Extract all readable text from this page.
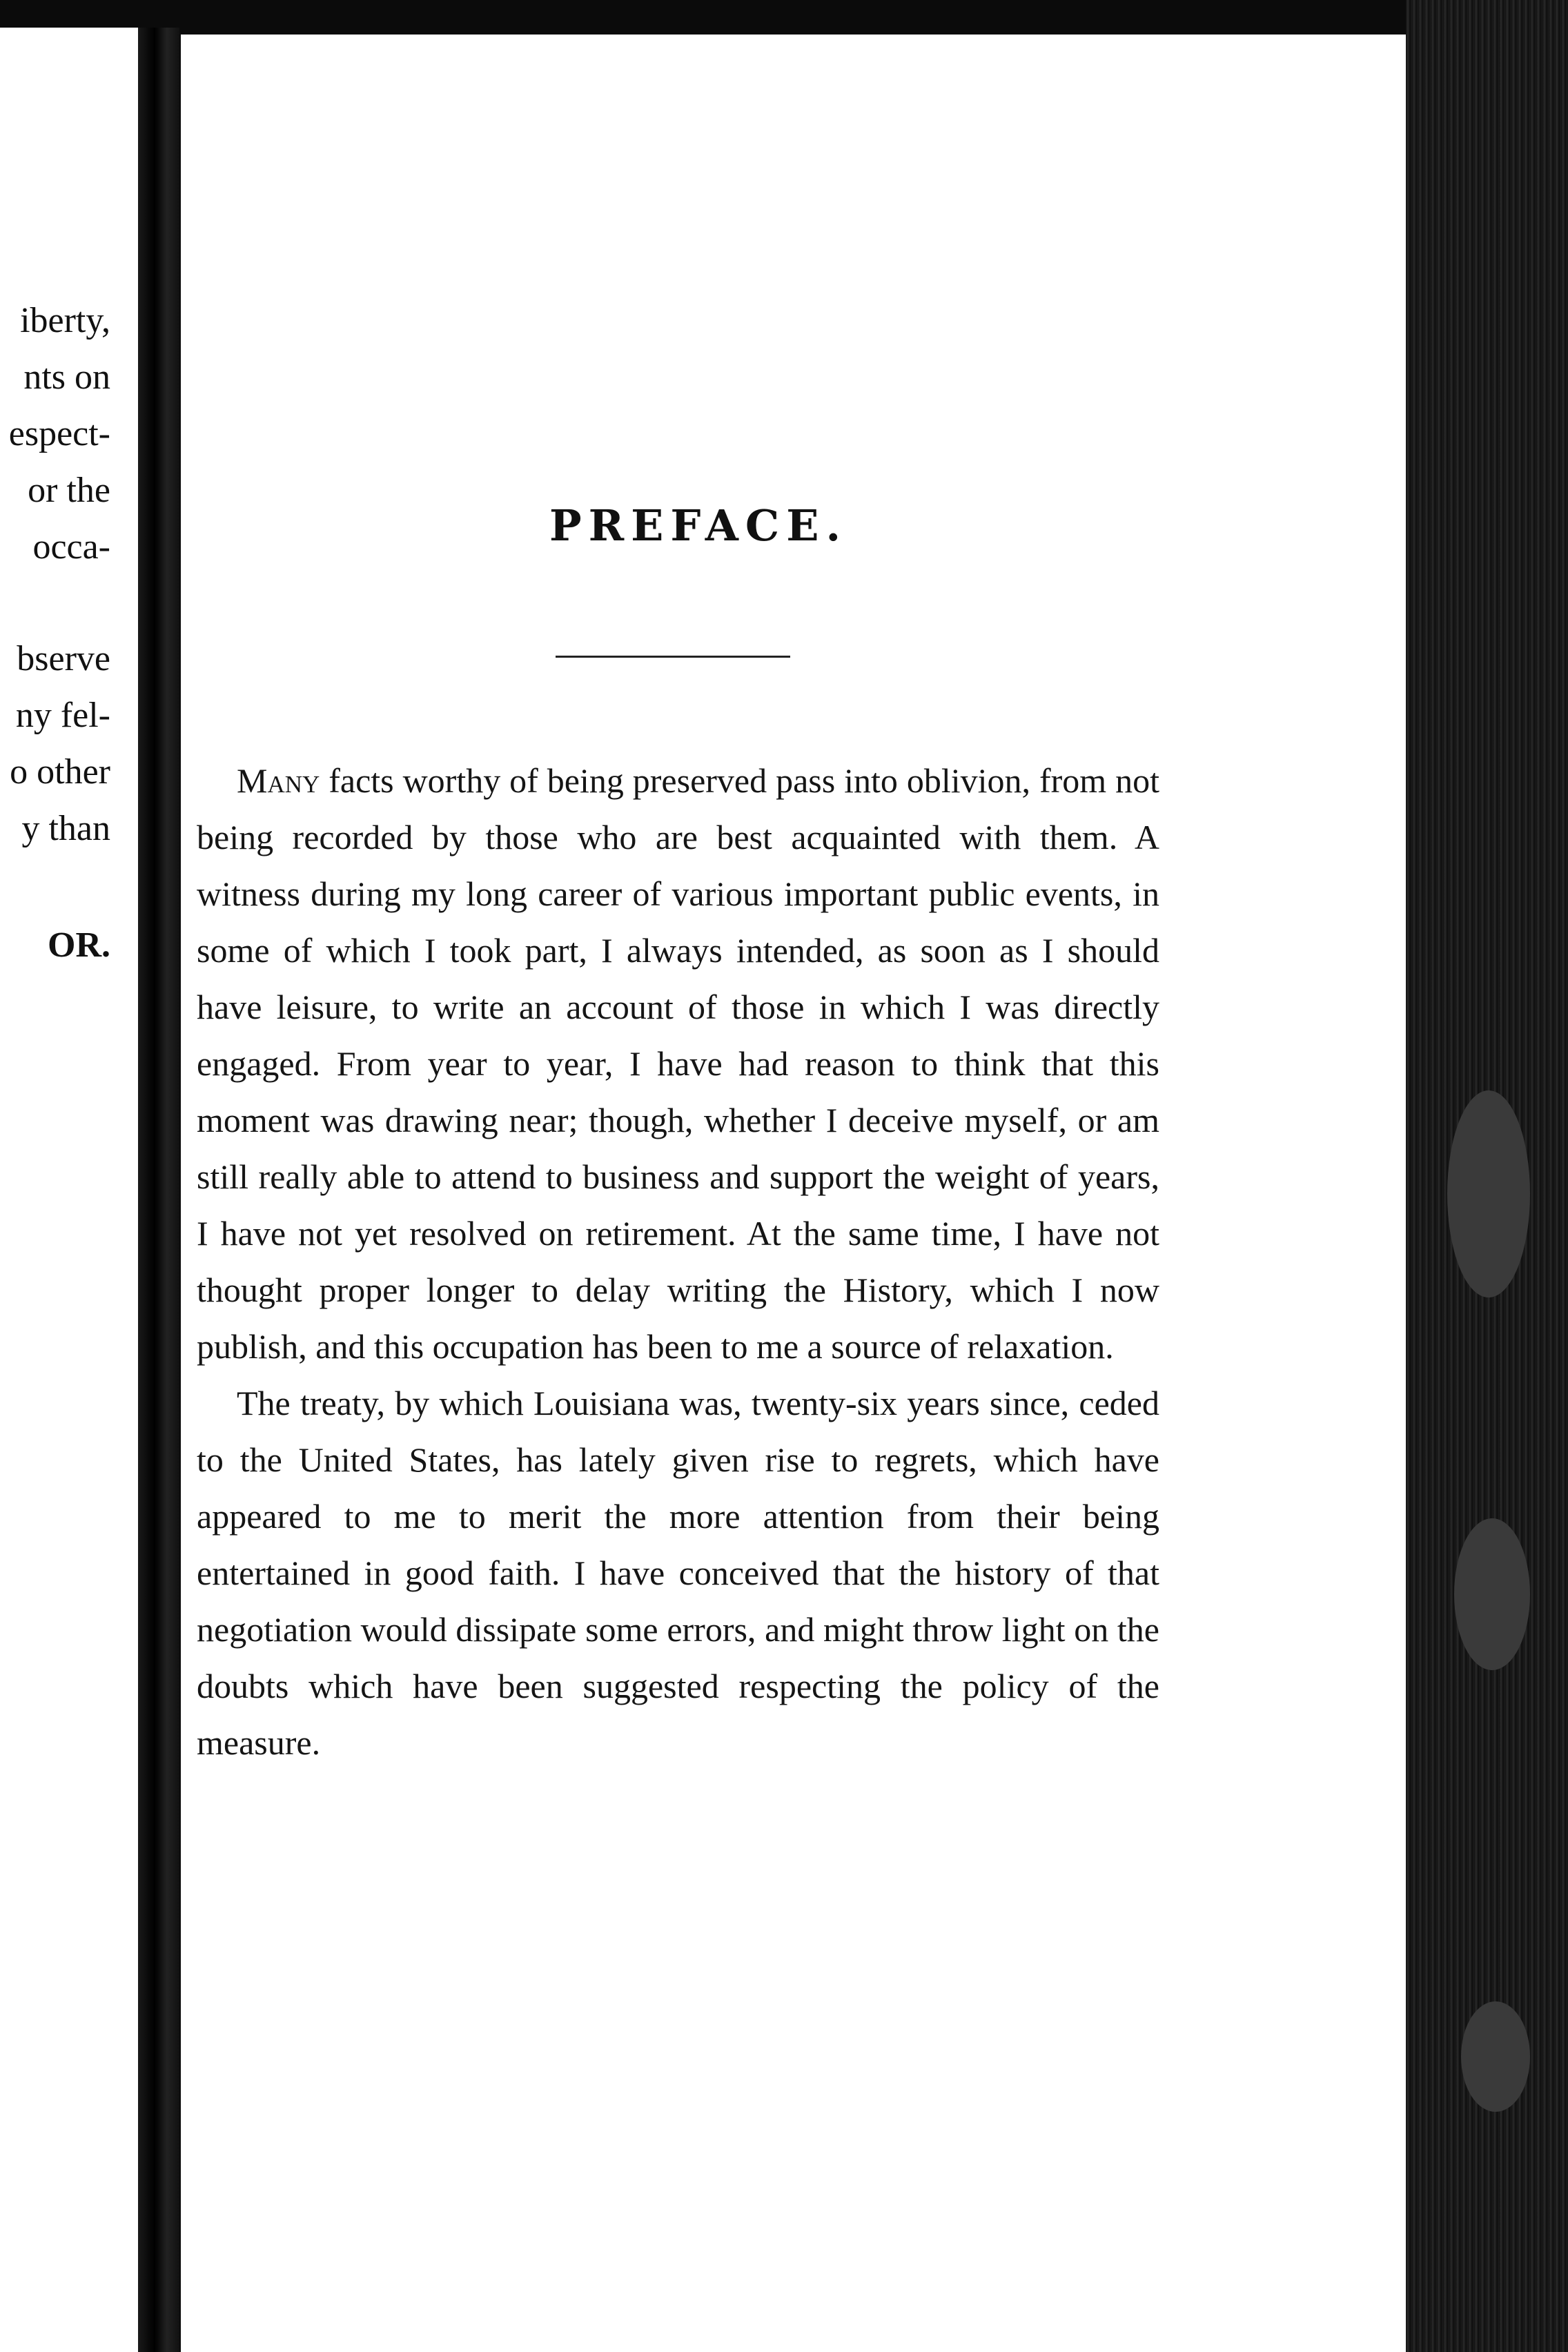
iberty,
nts on
espect-
or the
occa-
bserve
ny fel-
o other
y than
OR.
PREFACE.

Many facts worthy of being preserved pass into oblivion, from not being recorded by those who are best acquainted with them. A witness during my long career of various important public events, in some of which I took part, I always intended, as soon as I should have leisure, to write an account of those in which I was directly engaged. From year to year, I have had reason to think that this moment was drawing near; though, whether I deceive myself, or am still really able to attend to business and support the weight of years, I have not yet resolved on retirement. At the same time, I have not thought proper longer to delay writing the History, which I now publish, and this occupation has been to me a source of relaxation.

The treaty, by which Louisiana was, twenty-six years since, ceded to the United States, has lately given rise to regrets, which have appeared to me to merit the more attention from their being entertained in good faith. I have conceived that the history of that negotiation would dissipate some errors, and might throw light on the doubts which have been suggested respecting the policy of the measure.
